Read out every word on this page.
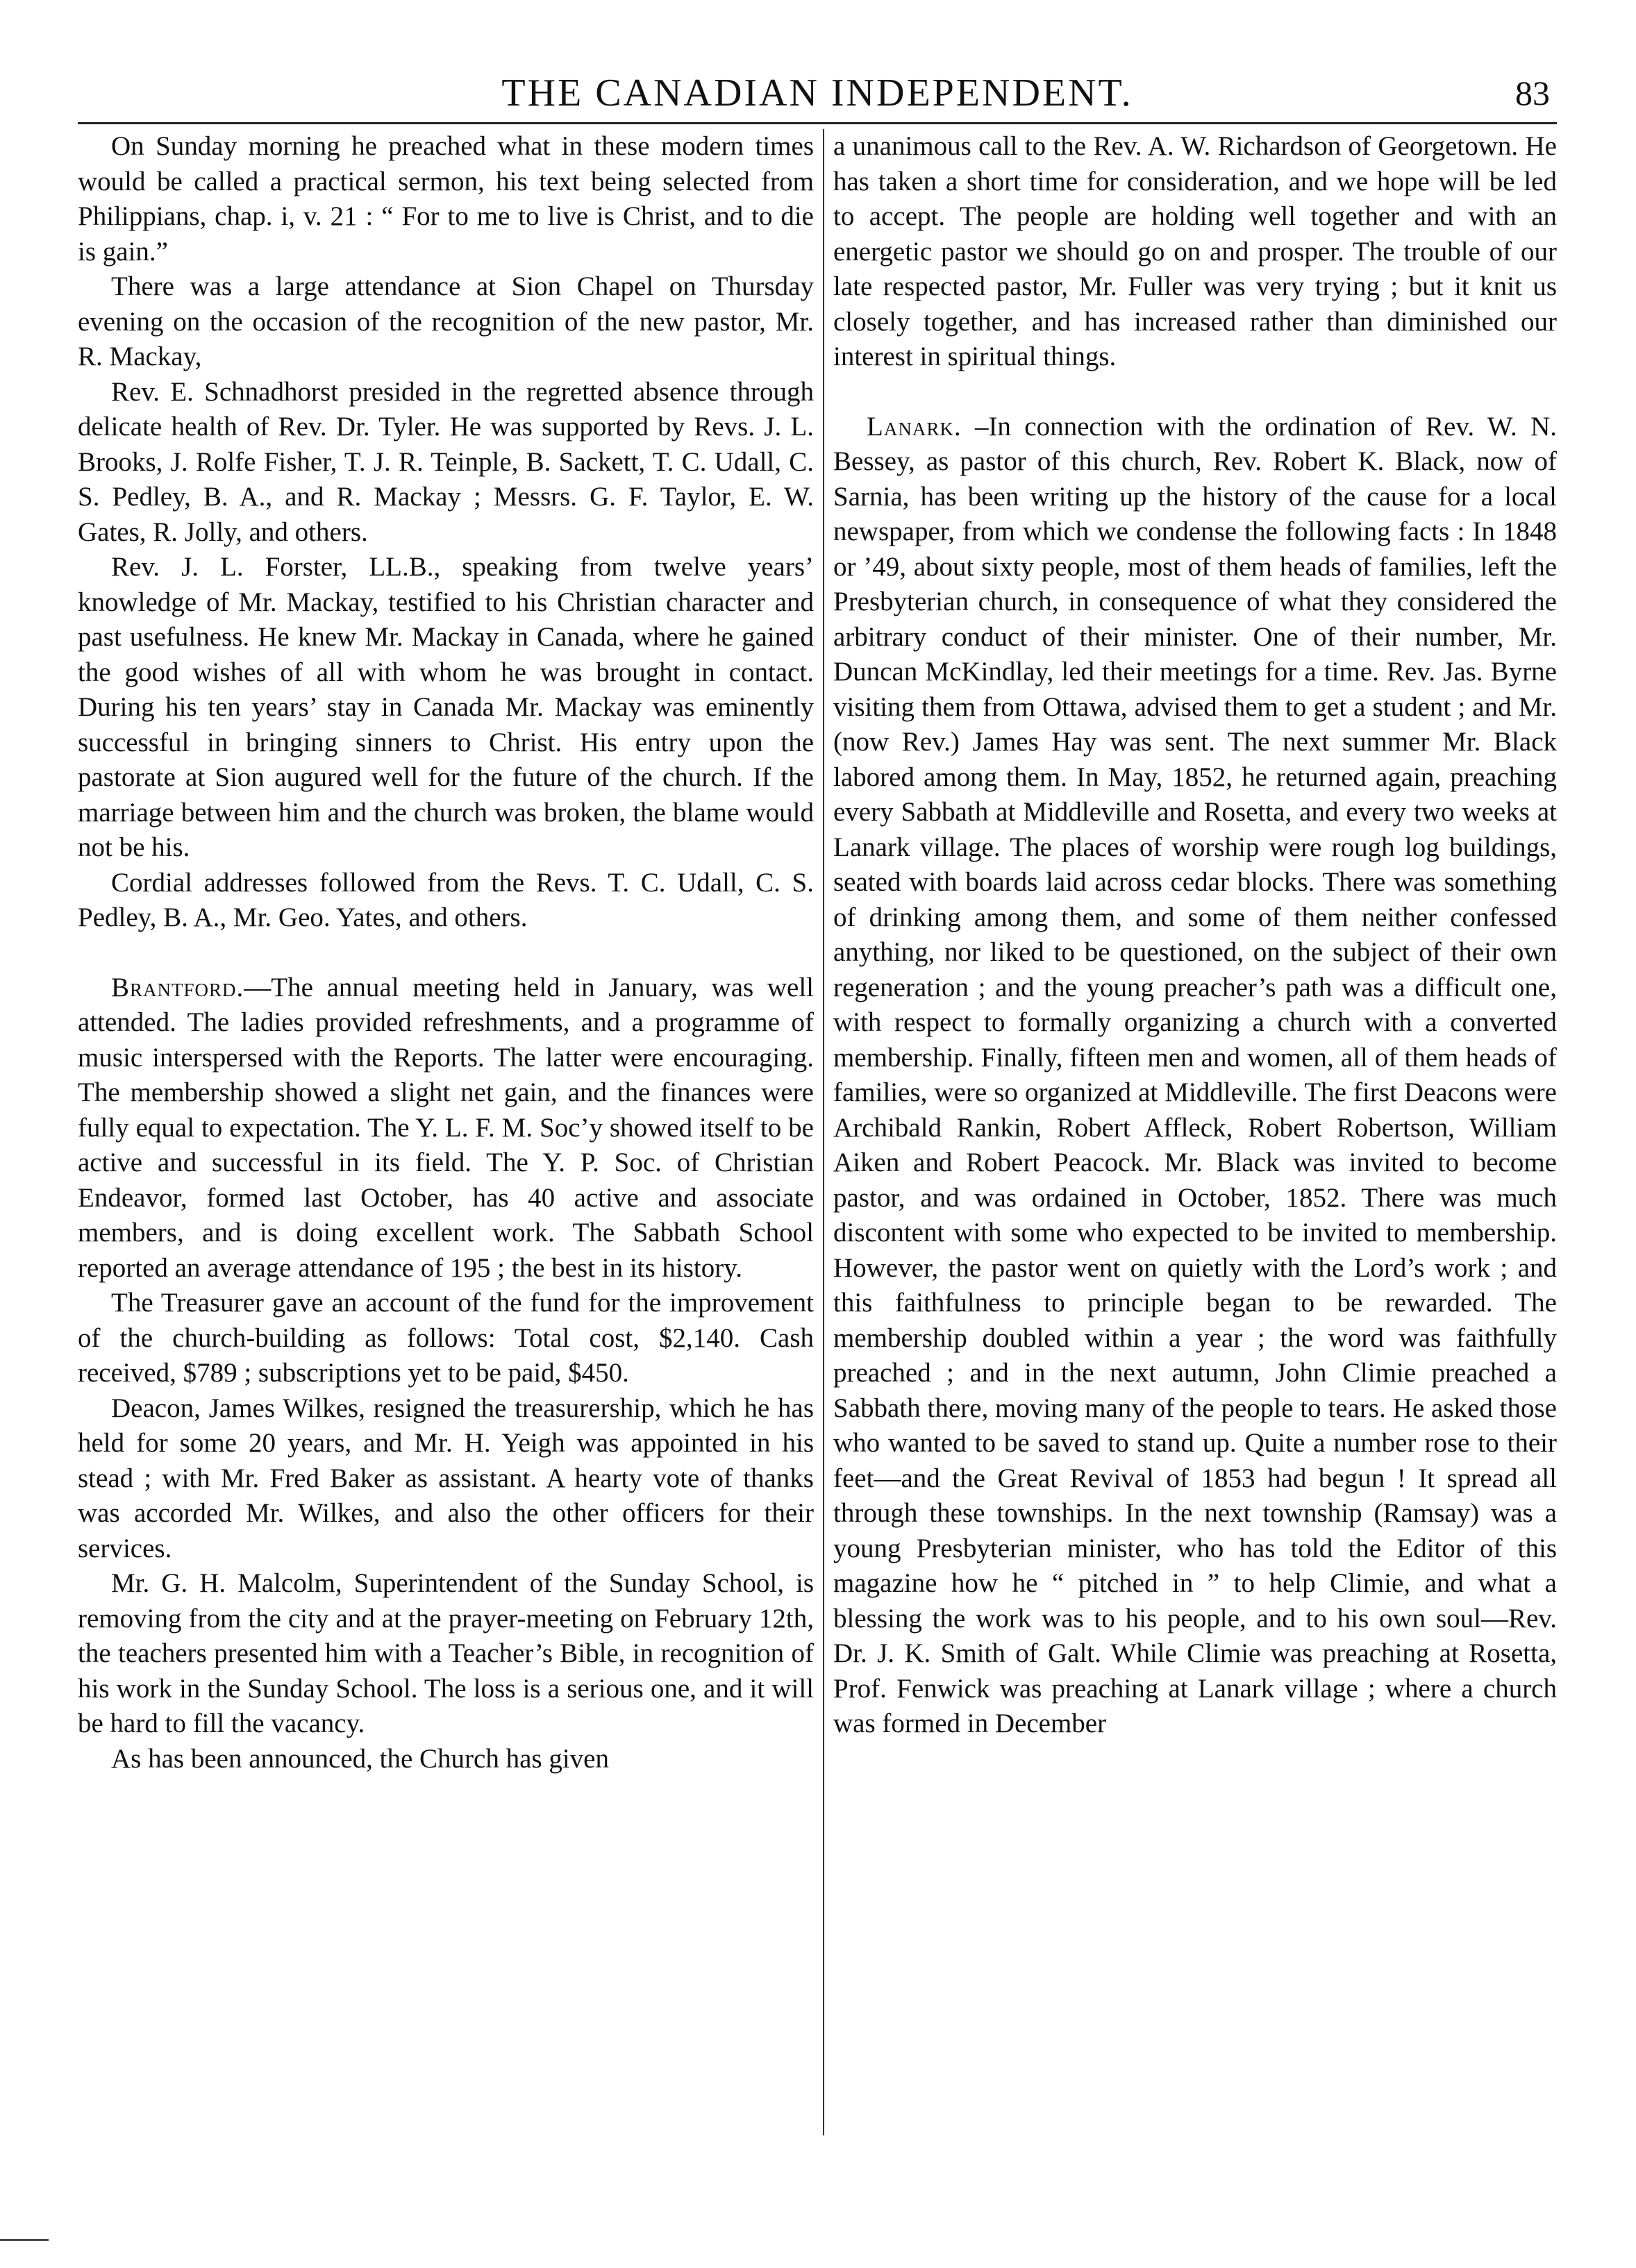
THE CANADIAN INDEPENDENT.	83

On Sunday morning he preached what in these modern times would be called a practical sermon, his text being selected from Philippians, chap. i, v. 21 : “ For to me to live is Christ, and to die is gain.”

There was a large attendance at Sion Chapel on Thursday evening on the occasion of the recognition of the new pastor, Mr. R. Mackay,

Rev. E. Schnadhorst presided in the regretted absence through delicate health of Rev. Dr. Tyler. He was supported by Revs. J. L. Brooks, J. Rolfe Fisher, T. J. R. Teinple, B. Sackett, T. C. Udall, C. S. Pedley, B. A., and R. Mackay ; Messrs. G. F. Taylor, E. W. Gates, R. Jolly, and others.

Rev. J. L. Forster, LL.B., speaking from twelve years’ knowledge of Mr. Mackay, testified to his Christian character and past usefulness. He knew Mr. Mackay in Canada, where he gained the good wishes of all with whom he was brought in contact. During his ten years’ stay in Canada Mr. Mackay was eminently successful in bringing sinners to Christ. His entry upon the pastorate at Sion augured well for the future of the church. If the marriage between him and the church was broken, the blame would not be his.

Cordial addresses followed from the Revs. T. C. Udall, C. S. Pedley, B. A., Mr. Geo. Yates, and others.

Brantford.—The annual meeting held in January, was well attended. The ladies provided refreshments, and a programme of music interspersed with the Reports. The latter were encouraging. The membership showed a slight net gain, and the finances were fully equal to expectation. The Y. L. F. M. Soc’y showed itself to be active and successful in its field. The Y. P. Soc. of Christian Endeavor, formed last October, has 40 active and associate members, and is doing excellent work. The Sabbath School reported an average attendance of 195 ; the best in its history.

The Treasurer gave an account of the fund for the improvement of the church-building as follows: Total cost, $2,140. Cash received, $789 ; subscriptions yet to be paid, $450.

Deacon, James Wilkes, resigned the treasurership, which he has held for some 20 years, and Mr. H. Yeigh was appointed in his stead ; with Mr. Fred Baker as assistant. A hearty vote of thanks was accorded Mr. Wilkes, and also the other officers for their services.

Mr. G. H. Malcolm, Superintendent of the Sunday School, is removing from the city and at the prayer-meeting on February 12th, the teachers presented him with a Teacher’s Bible, in recognition of his work in the Sunday School. The loss is a serious one, and it will be hard to fill the vacancy.

As has been announced, the Church has given

a unanimous call to the Rev. A. W. Richardson of Georgetown. He has taken a short time for consideration, and we hope will be led to accept. The people are holding well together and with an energetic pastor we should go on and prosper. The trouble of our late respected pastor, Mr. Fuller was very trying ; but it knit us closely together, and has increased rather than diminished our interest in spiritual things.

Lanark. –In connection with the ordination of Rev. W. N. Bessey, as pastor of this church, Rev. Robert K. Black, now of Sarnia, has been writing up the history of the cause for a local newspaper, from which we condense the following facts : In 1848 or ’49, about sixty people, most of them heads of families, left the Presbyterian church, in consequence of what they considered the arbitrary conduct of their minister. One of their number, Mr. Duncan McKindlay, led their meetings for a time. Rev. Jas. Byrne visiting them from Ottawa, advised them to get a student ; and Mr. (now Rev.) James Hay was sent. The next summer Mr. Black labored among them. In May, 1852, he returned again, preaching every Sabbath at Middleville and Rosetta, and every two weeks at Lanark village. The places of worship were rough log buildings, seated with boards laid across cedar blocks. There was something of drinking among them, and some of them neither confessed anything, nor liked to be questioned, on the subject of their own regeneration ; and the young preacher’s path was a difficult one, with respect to formally organizing a church with a converted membership. Finally, fifteen men and women, all of them heads of families, were so organized at Middleville. The first Deacons were Archibald Rankin, Robert Affleck, Robert Robertson, William Aiken and Robert Peacock. Mr. Black was invited to become pastor, and was ordained in October, 1852. There was much discontent with some who expected to be invited to membership. However, the pastor went on quietly with the Lord’s work ; and this faithfulness to principle began to be rewarded. The membership doubled within a year ; the word was faithfully preached ; and in the next autumn, John Climie preached a Sabbath there, moving many of the people to tears. He asked those who wanted to be saved to stand up. Quite a number rose to their feet—and the Great Revival of 1853 had begun ! It spread all through these townships. In the next township (Ramsay) was a young Presbyterian minister, who has told the Editor of this magazine how he “ pitched in ” to help Climie, and what a blessing the work was to his people, and to his own soul—Rev. Dr. J. K. Smith of Galt. While Climie was preaching at Rosetta, Prof. Fenwick was preaching at Lanark village ; where a church was formed in December
